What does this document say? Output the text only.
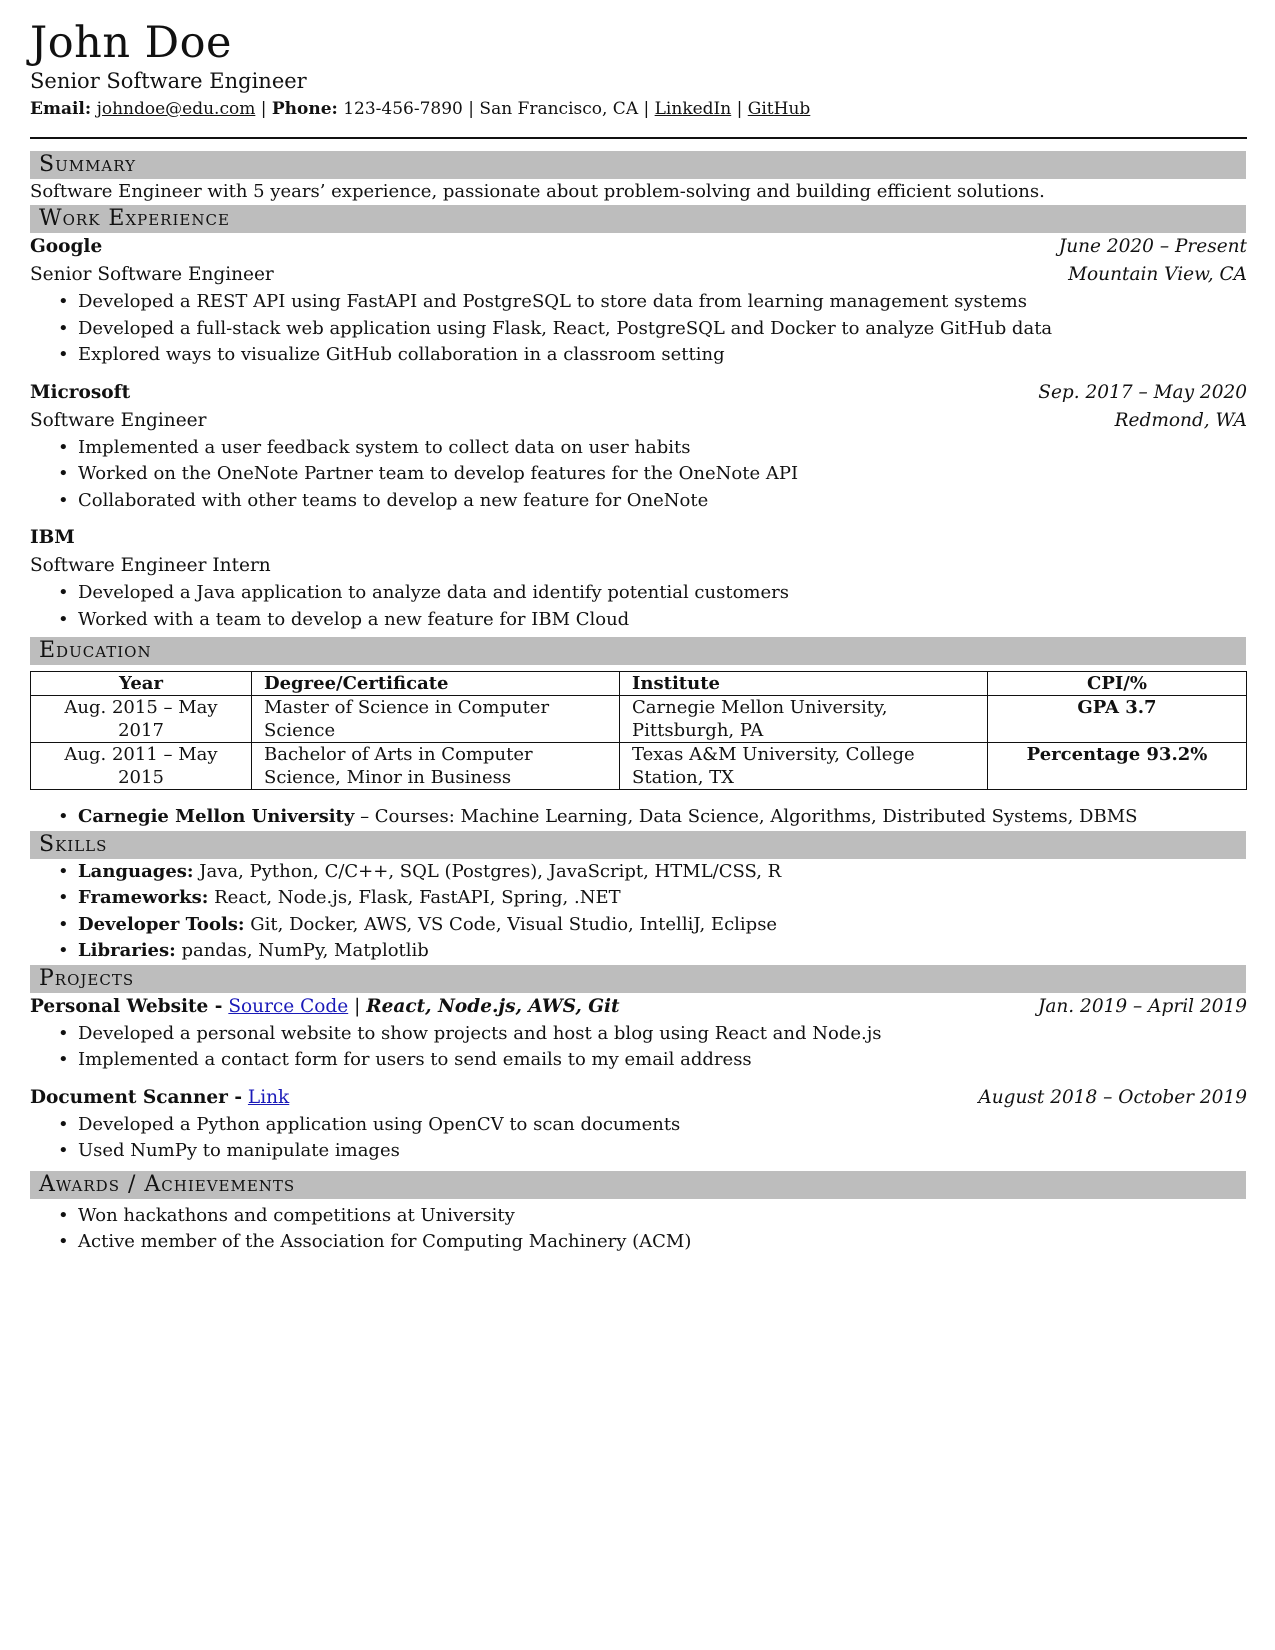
John Doe
Senior Software Engineer
Email: johndoe@edu.com | Phone: 123-456-7890 | San Francisco, CA | LinkedIn | GitHub
Summary
Software Engineer with 5 years’ experience, passionate about problem-solving and building efficient solutions.
Work Experience
Google	June 2020 – Present
Senior Software Engineer	Mountain View, CA
• Developed a REST API using FastAPI and PostgreSQL to store data from learning management systems
• Developed a full-stack web application using Flask, React, PostgreSQL and Docker to analyze GitHub data
• Explored ways to visualize GitHub collaboration in a classroom setting
Microsoft	Sep. 2017 – May 2020
Software Engineer	Redmond, WA
• Implemented a user feedback system to collect data on user habits
• Worked on the OneNote Partner team to develop features for the OneNote API
• Collaborated with other teams to develop a new feature for OneNote
IBM
Software Engineer Intern
• Developed a Java application to analyze data and identify potential customers
• Worked with a team to develop a new feature for IBM Cloud
Education
Year	Degree/Certificate	Institute	CPI/%
Aug. 2015 – May 2017	Master of Science in Computer Science	Carnegie Mellon University, Pittsburgh, PA	GPA 3.7
Aug. 2011 – May 2015	Bachelor of Arts in Computer Science, Minor in Business	Texas A&M University, College Station, TX	Percentage 93.2%
• Carnegie Mellon University – Courses: Machine Learning, Data Science, Algorithms, Distributed Systems, DBMS
Skills
• Languages: Java, Python, C/C++, SQL (Postgres), JavaScript, HTML/CSS, R
• Frameworks: React, Node.js, Flask, FastAPI, Spring, .NET
• Developer Tools: Git, Docker, AWS, VS Code, Visual Studio, IntelliJ, Eclipse
• Libraries: pandas, NumPy, Matplotlib
Projects
Personal Website - Source Code | React, Node.js, AWS, Git	Jan. 2019 – April 2019
• Developed a personal website to show projects and host a blog using React and Node.js
• Implemented a contact form for users to send emails to my email address
Document Scanner - Link	August 2018 – October 2019
• Developed a Python application using OpenCV to scan documents
• Used NumPy to manipulate images
Awards / Achievements
• Won hackathons and competitions at University
• Active member of the Association for Computing Machinery (ACM)
